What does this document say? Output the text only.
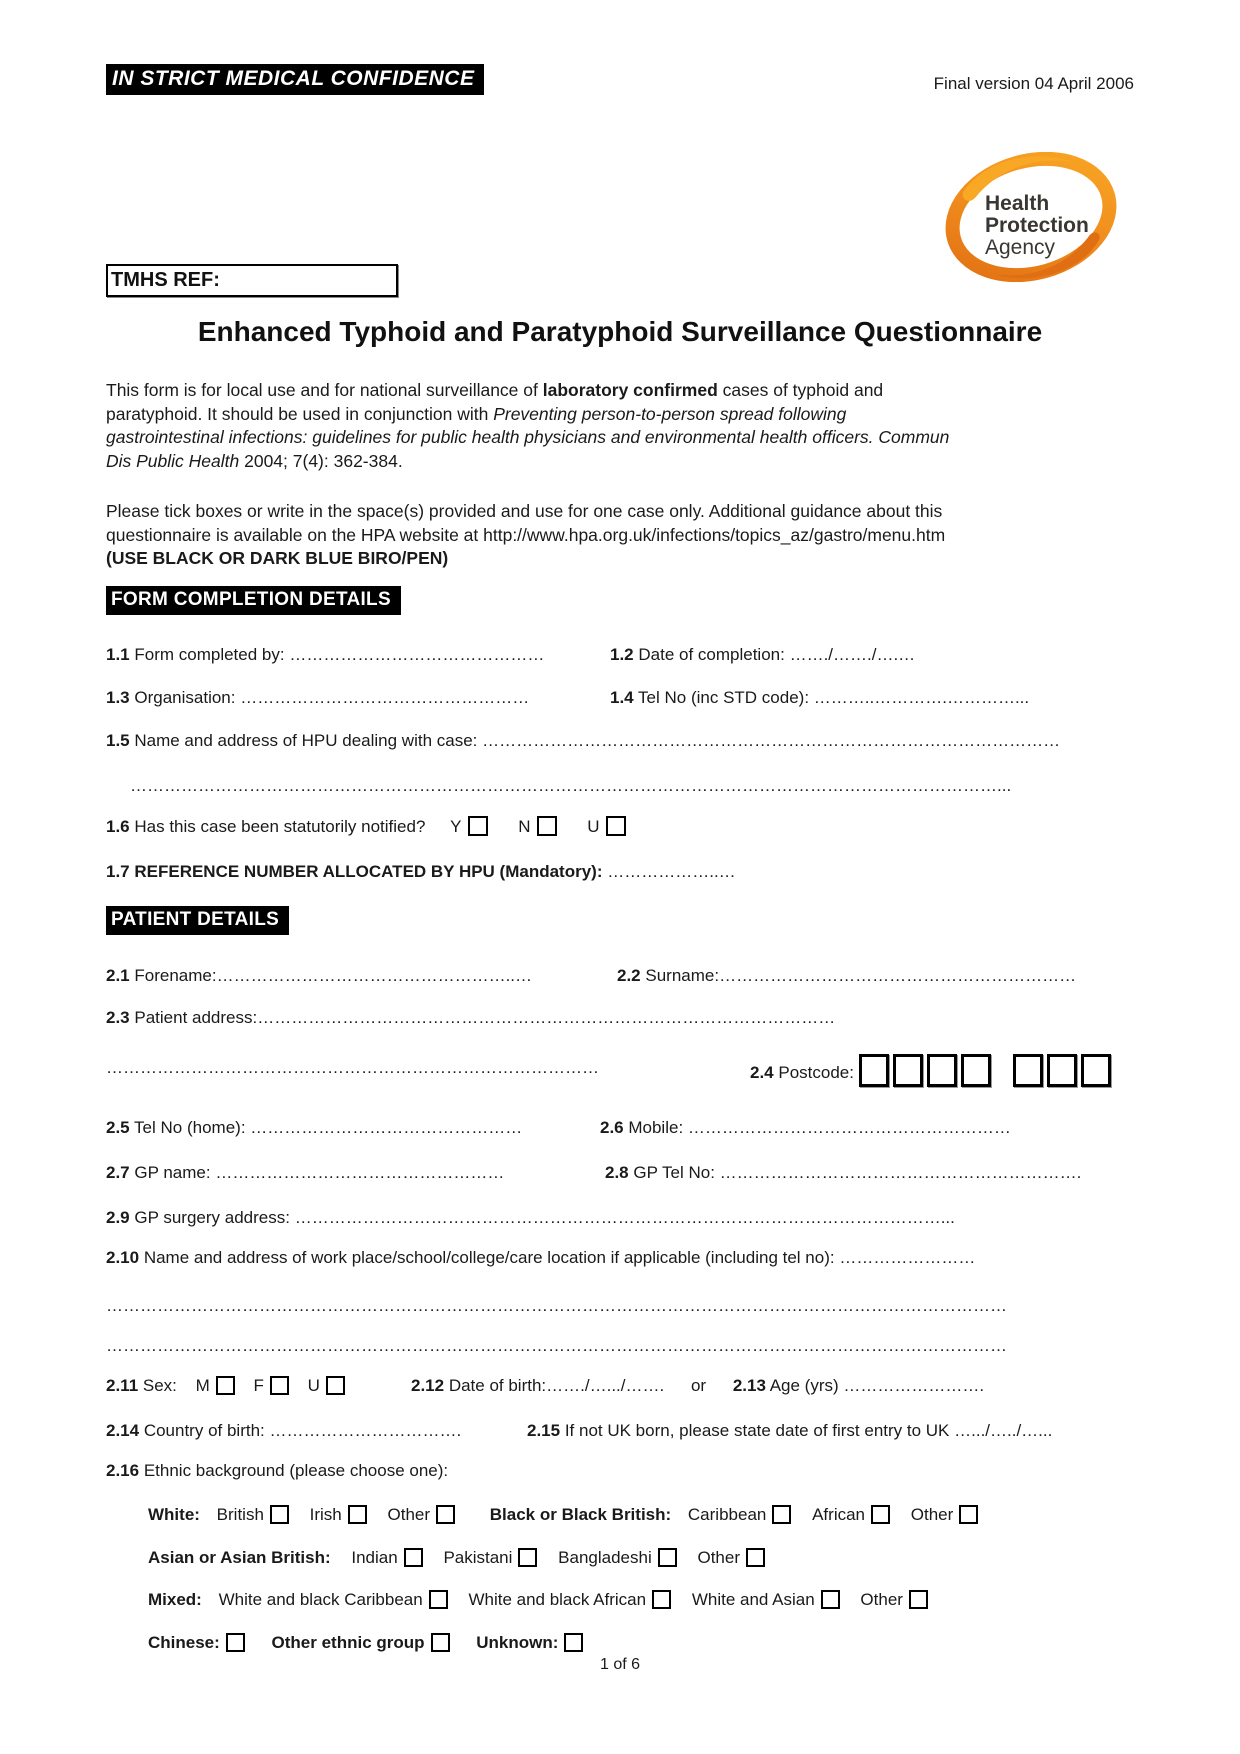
IN STRICT MEDICAL CONFIDENCE	Final version 04 April 2006
Health
Protection
Agency
TMHS REF:
Enhanced Typhoid and Paratyphoid Surveillance Questionnaire
This form is for local use and for national surveillance of laboratory confirmed cases of typhoid and paratyphoid. It should be used in conjunction with Preventing person-to-person spread following gastrointestinal infections: guidelines for public health physicians and environmental health officers. Commun Dis Public Health 2004; 7(4): 362-384.
Please tick boxes or write in the space(s) provided and use for one case only. Additional guidance about this questionnaire is available on the HPA website at http://www.hpa.org.uk/infections/topics_az/gastro/menu.htm
(USE BLACK OR DARK BLUE BIRO/PEN)
FORM COMPLETION DETAILS
1.1 Form completed by: ………………………………………	1.2 Date of completion: ……./……./….…
1.3 Organisation: ……………………………………………	1.4 Tel No (inc STD code): ………..………….…………...
1.5 Name and address of HPU dealing with case: …………………………………………………………………………………………
………………………………………………………………………………………………………………………………………...
1.6 Has this case been statutorily notified? Y	N	U
1.7 REFERENCE NUMBER ALLOCATED BY HPU (Mandatory): ………………..…
PATIENT DETAILS
2.1 Forename:……………………………………………..…	2.2 Surname:………………………………………………………
2.3 Patient address:…………………………………………………………………………………………
……………………………………………………………………………	2.4 Postcode:
2.5 Tel No (home): …………………………………………	2.6 Mobile: …………………………………………………
2.7 GP name: ……………………………………………	2.8 GP Tel No: ……………………………………………………….
2.9 GP surgery address: ……………………………………………………………………………………………………...
2.10 Name and address of work place/school/college/care location if applicable (including tel no): ……………………
……………………………………………………………………………………………………………………………………………
……………………………………………………………………………………………………………………………………………
2.11 Sex: M	F	U	2.12 Date of birth:……./….../……. or 2.13 Age (yrs) …………………….
2.14 Country of birth: …………………………….	2.15 If not UK born, please state date of first entry to UK ….../…../…...
2.16 Ethnic background (please choose one):
White: British	Irish	Other	Black or Black British: Caribbean	African	Other
Asian or Asian British: Indian	Pakistani	Bangladeshi	Other
Mixed: White and black Caribbean	White and black African	White and Asian	Other
Chinese:	Other ethnic group	Unknown:
1 of 6
